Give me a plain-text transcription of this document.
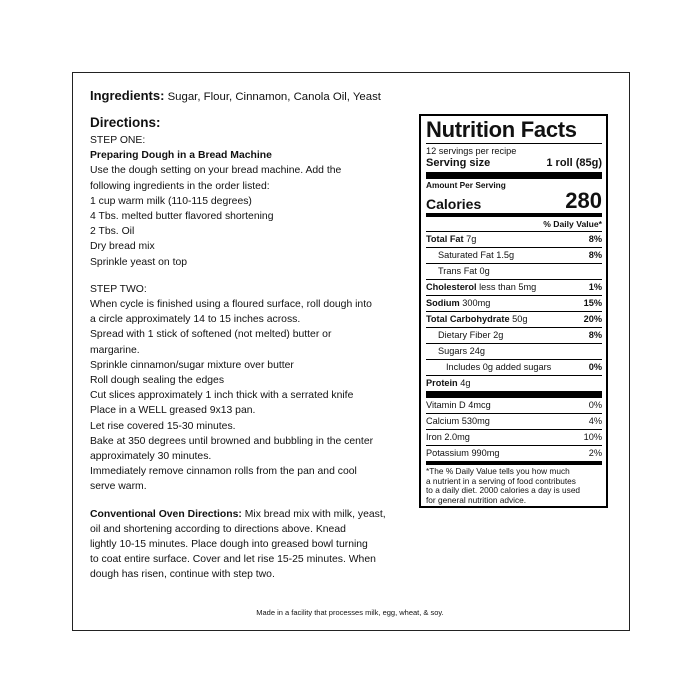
Ingredients: Sugar, Flour, Cinnamon, Canola Oil, Yeast
Directions:
STEP ONE:
Preparing Dough in a Bread Machine
Use the dough setting on your bread machine. Add the
following ingredients in the order listed:
1 cup warm milk (110-115 degrees)
4 Tbs. melted butter flavored shortening
2 Tbs. Oil
Dry bread mix
Sprinkle yeast on top
STEP TWO:
When cycle is finished using a floured surface, roll dough into
a circle approximately 14 to 15 inches across.
Spread with 1 stick of softened (not melted) butter or
margarine.
Sprinkle cinnamon/sugar mixture over butter
Roll dough sealing the edges
Cut slices approximately 1 inch thick with a serrated knife
Place in a WELL greased 9x13 pan.
Let rise covered 15-30 minutes.
Bake at 350 degrees until browned and bubbling in the center
approximately 30 minutes.
Immediately remove cinnamon rolls from the pan and cool
serve warm.
Conventional Oven Directions: Mix bread mix with milk, yeast,
oil and shortening according to directions above. Knead
lightly 10-15 minutes. Place dough into greased bowl turning
to coat entire surface. Cover and let rise 15-25 minutes. When
dough has risen, continue with step two.
Nutrition Facts
12 servings per recipe
Serving size	1 roll (85g)
Amount Per Serving
Calories	280
% Daily Value*
Total Fat 7g	8%
Saturated Fat 1.5g	8%
Trans Fat 0g
Cholesterol less than 5mg	1%
Sodium 300mg	15%
Total Carbohydrate 50g	20%
Dietary Fiber 2g	8%
Sugars 24g
Includes 0g added sugars	0%
Protein 4g
Vitamin D 4mcg	0%
Calcium 530mg	4%
Iron 2.0mg	10%
Potassium 990mg	2%
*The % Daily Value tells you how much
a nutrient in a serving of food contributes
to a daily diet. 2000 calories a day is used
for general nutrition advice.
Made in a facility that processes milk, egg, wheat, & soy.
